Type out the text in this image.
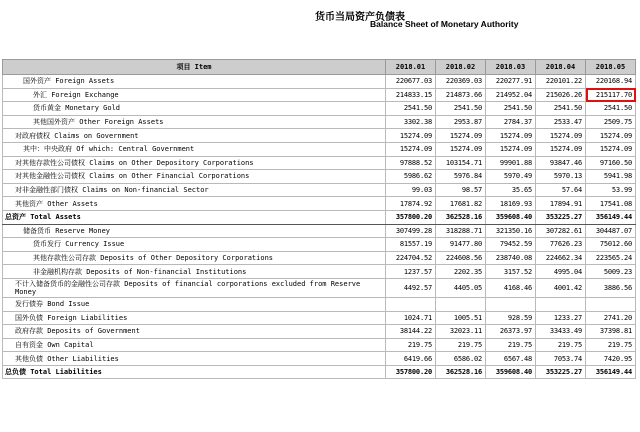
货币当局资产负债表
Balance Sheet of Monetary Authority
项目 Item	2018.01	2018.02	2018.03	2018.04	2018.05
国外资产 Foreign Assets	220677.03	220369.03	220277.91	220101.22	220168.94
外汇 Foreign Exchange	214833.15	214873.66	214952.04	215026.26	215117.70
货币黄金 Monetary Gold	2541.50	2541.50	2541.50	2541.50	2541.50
其他国外资产 Other Foreign Assets	3302.38	2953.87	2784.37	2533.47	2509.75
对政府债权 Claims on Government	15274.09	15274.09	15274.09	15274.09	15274.09
其中：中央政府 Of which: Central Government	15274.09	15274.09	15274.09	15274.09	15274.09
对其他存款性公司债权 Claims on Other Depository Corporations	97888.52	103154.71	99901.88	93847.46	97160.50
对其他金融性公司债权 Claims on Other Financial Corporations	5986.62	5976.84	5970.49	5970.13	5941.98
对非金融性部门债权 Claims on Non-financial Sector	99.03	98.57	35.65	57.64	53.99
其他资产 Other Assets	17874.92	17681.82	18169.93	17894.91	17541.08
总资产 Total Assets	357800.20	362528.16	359608.40	353225.27	356149.44
储备货币 Reserve Money	307499.28	318288.71	321350.16	307282.61	304487.07
货币发行 Currency Issue	81557.19	91477.80	79452.59	77626.23	75012.60
其他存款性公司存款 Deposits of Other Depository Corporations	224704.52	224608.56	238740.08	224662.34	223565.24
非金融机构存款 Deposits of Non-financial Institutions	1237.57	2202.35	3157.52	4995.04	5009.23
不计入储备货币的金融性公司存款 Deposits of financial corporations excluded from Reserve Money	4492.57	4405.05	4168.46	4001.42	3886.56
发行债券 Bond Issue					
国外负债 Foreign Liabilities	1024.71	1005.51	928.59	1233.27	2741.20
政府存款 Deposits of Government	38144.22	32023.11	26373.97	33433.49	37398.81
自有资金 Own Capital	219.75	219.75	219.75	219.75	219.75
其他负债 Other Liabilities	6419.66	6586.02	6567.48	7053.74	7420.95
总负债 Total Liabilities	357800.20	362528.16	359608.40	353225.27	356149.44
